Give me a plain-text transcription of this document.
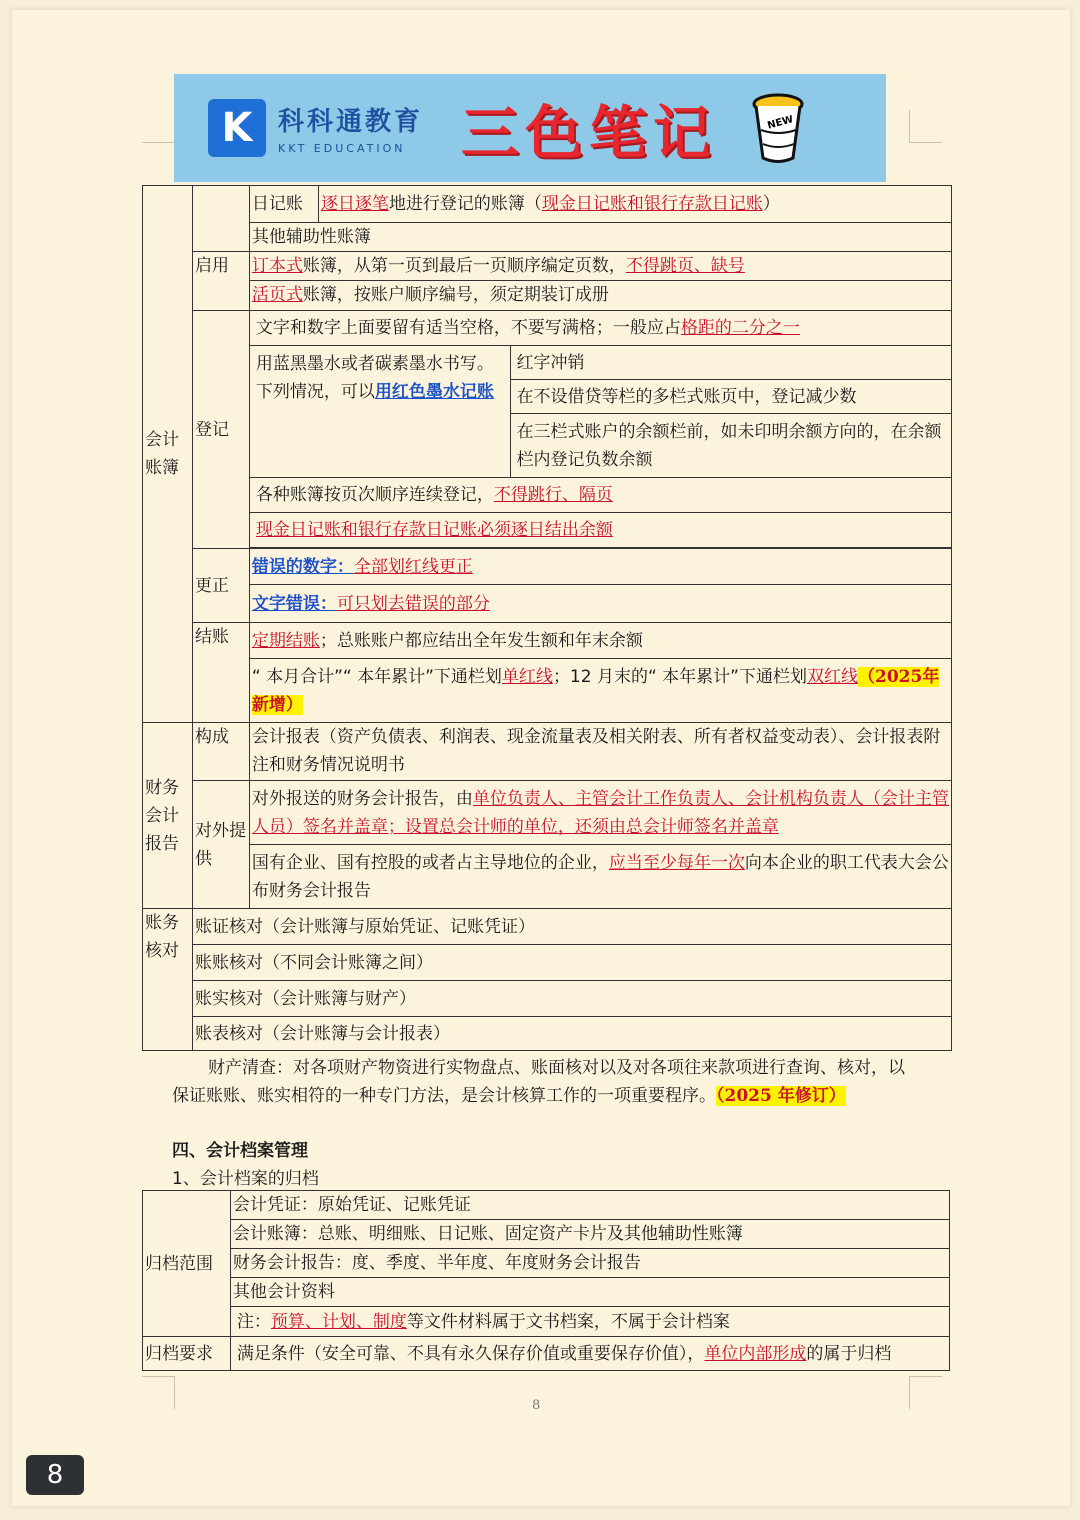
K 科科通教育
KKT EDUCATION 三色笔记	NEW
会计账簿		日记账	逐日逐笔地进行登记的账簿（现金日记账和银行存款日记账）	
		其他辅助性账簿		
	启用	订本式账簿，从第一页到最后一页顺序编定页数，不得跳页、缺号		
		活页式账簿，按账户顺序编号，须定期装订成册		
	登记	文字和数字上面要留有适当空格，不要写满格；一般应占格距的二分之一		
		用蓝黑墨水或者碳素墨水书写。下列情况，可以用红色墨水记账		红字冲销
				在不设借贷等栏的多栏式账页中，登记减少数
				在三栏式账户的余额栏前，如未印明余额方向的，在余额栏内登记负数余额
		各种账簿按页次顺序连续登记，不得跳行、隔页		
		现金日记账和银行存款日记账必须逐日结出余额		

	更正	错误的数字：全部划红线更正		
		文字错误：可只划去错误的部分		
	结账	定期结账；总账账户都应结出全年发生额和年末余额		
		“ 本月合计”“ 本年累计”下通栏划单红线；12 月末的“ 本年累计”下通栏划双红线（2025年新增）		
财务会计报告	构成	会计报表（资产负债表、利润表、现金流量表及相关附表、所有者权益变动表）、会计报表附注和财务情况说明书		
	对外提供	对外报送的财务会计报告，由单位负责人、主管会计工作负责人、会计机构负责人（会计主管人员）签名并盖章；设置总会计师的单位，还须由总会计师签名并盖章		
		国有企业、国有控股的或者占主导地位的企业，应当至少每年一次向本企业的职工代表大会公布财务会计报告		
账务核对	账证核对（会计账簿与原始凭证、记账凭证）			
	账账核对（不同会计账簿之间）			
	账实核对（会计账簿与财产）			
	账表核对（会计账簿与会计报表）			
财产清查：对各项财产物资进行实物盘点、账面核对以及对各项往来款项进行查询、核对，以保证账账、账实相符的一种专门方法，是会计核算工作的一项重要程序。（2025 年修订）
四、会计档案管理
1、会计档案的归档
归档范围	会计凭证：原始凭证、记账凭证
	会计账簿：总账、明细账、日记账、固定资产卡片及其他辅助性账簿
	财务会计报告：度、季度、半年度、年度财务会计报告
	其他会计资料
	注：预算、计划、制度等文件材料属于文书档案，不属于会计档案
归档要求	满足条件（安全可靠、不具有永久保存价值或重要保存价值），单位内部形成的属于归档
8
8
